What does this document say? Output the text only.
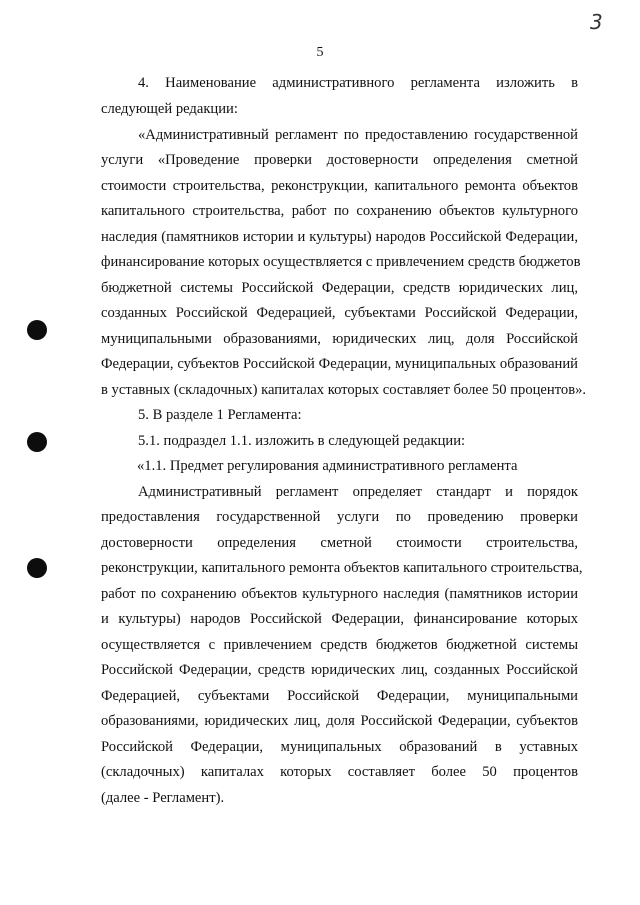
3
5
4. Наименование административного регламента изложить в
следующей редакции:
«Административный регламент по предоставлению государственной
услуги «Проведение проверки достоверности определения сметной
стоимости строительства, реконструкции, капитального ремонта объектов
капитального строительства, работ по сохранению объектов культурного
наследия (памятников истории и культуры) народов Российской Федерации,
финансирование которых осуществляется с привлечением средств бюджетов
бюджетной системы Российской Федерации, средств юридических лиц,
созданных Российской Федерацией, субъектами Российской Федерации,
муниципальными образованиями, юридических лиц, доля Российской
Федерации, субъектов Российской Федерации, муниципальных образований
в уставных (складочных) капиталах которых составляет более 50 процентов».
5. В разделе 1 Регламента:
5.1. подраздел 1.1. изложить в следующей редакции:
«1.1. Предмет регулирования административного регламента
Административный регламент определяет стандарт и порядок
предоставления государственной услуги по проведению проверки
достоверности определения сметной стоимости строительства,
реконструкции, капитального ремонта объектов капитального строительства,
работ по сохранению объектов культурного наследия (памятников истории
и культуры) народов Российской Федерации, финансирование которых
осуществляется с привлечением средств бюджетов бюджетной системы
Российской Федерации, средств юридических лиц, созданных Российской
Федерацией, субъектами Российской Федерации, муниципальными
образованиями, юридических лиц, доля Российской Федерации, субъектов
Российской Федерации, муниципальных образований в уставных
(складочных) капиталах которых составляет более 50 процентов
(далее - Регламент).
